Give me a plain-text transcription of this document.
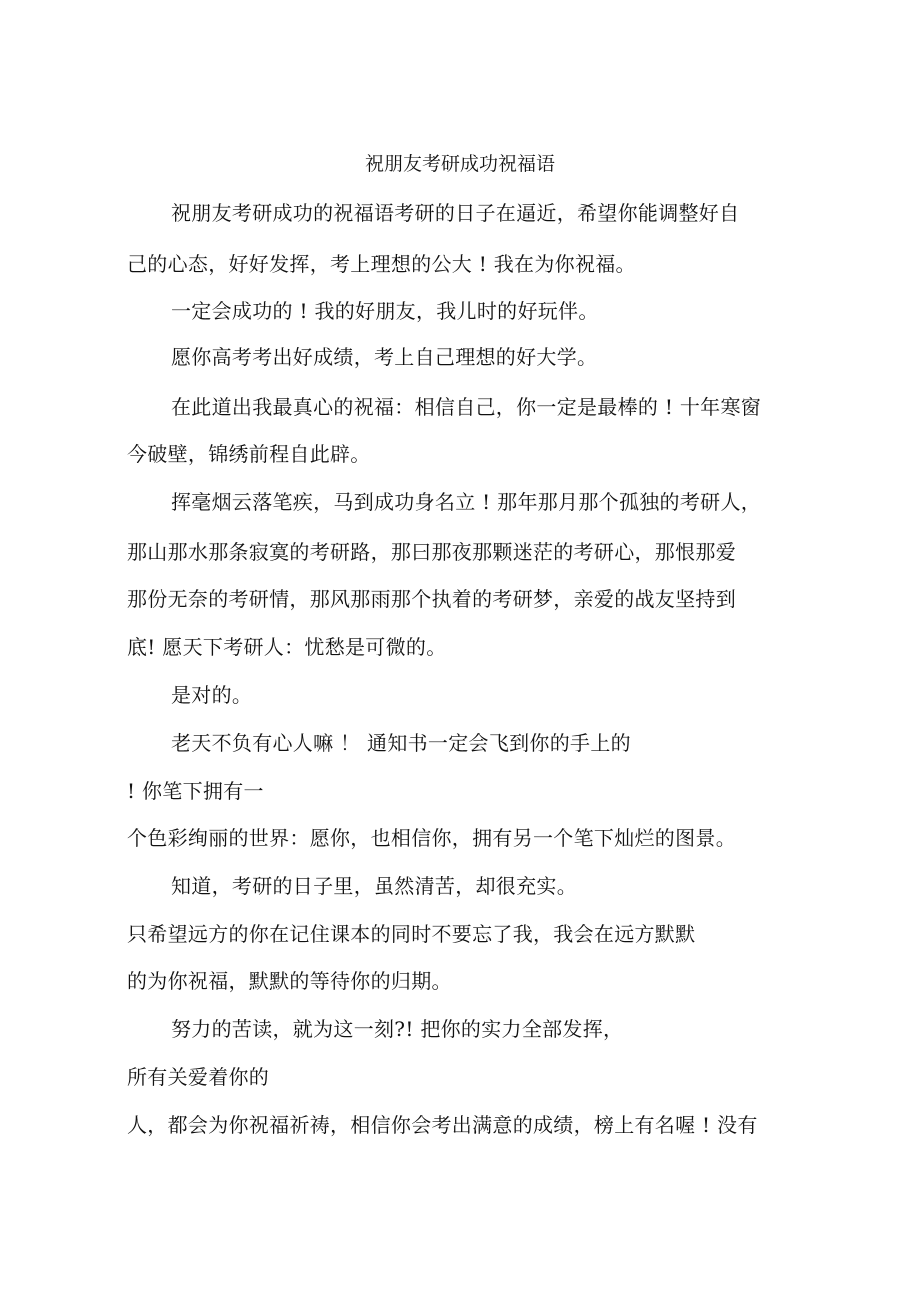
祝朋友考研成功祝福语
祝朋友考研成功的祝福语考研的日子在逼近，希望你能调整好自
己的心态，好好发挥，考上理想的公大 ! 我在为你祝福。
一定会成功的 ! 我的好朋友，我儿时的好玩伴。
愿你高考考出好成绩，考上自己理想的好大学。
在此道出我最真心的祝福：相信自己，你一定是最棒的 ! 十年寒窗
今破壁，锦绣前程自此辟。
挥毫烟云落笔疾，马到成功身名立 ! 那年那月那个孤独的考研人，
那山那水那条寂寞的考研路，那曰那夜那颗迷茫的考研心，那恨那爱
那份无奈的考研情，那风那雨那个执着的考研梦，亲爱的战友坚持到
底! 愿天下考研人：忧愁是可微的。
是对的。
老天不负有心人嘛 ！ 通知书一定会飞到你的手上的
! 你笔下拥有一
个色彩绚丽的世界：愿你，也相信你，拥有另一个笔下灿烂的图景。
知道，考研的日子里，虽然清苦，却很充实。
只希望远方的你在记住课本的同时不要忘了我，我会在远方默默
的为你祝福，默默的等待你的归期。
努力的苦读，就为这一刻?! 把你的实力全部发挥，
所有关爱着你的
人，都会为你祝福祈祷，相信你会考出满意的成绩，榜上有名喔 ! 没有
